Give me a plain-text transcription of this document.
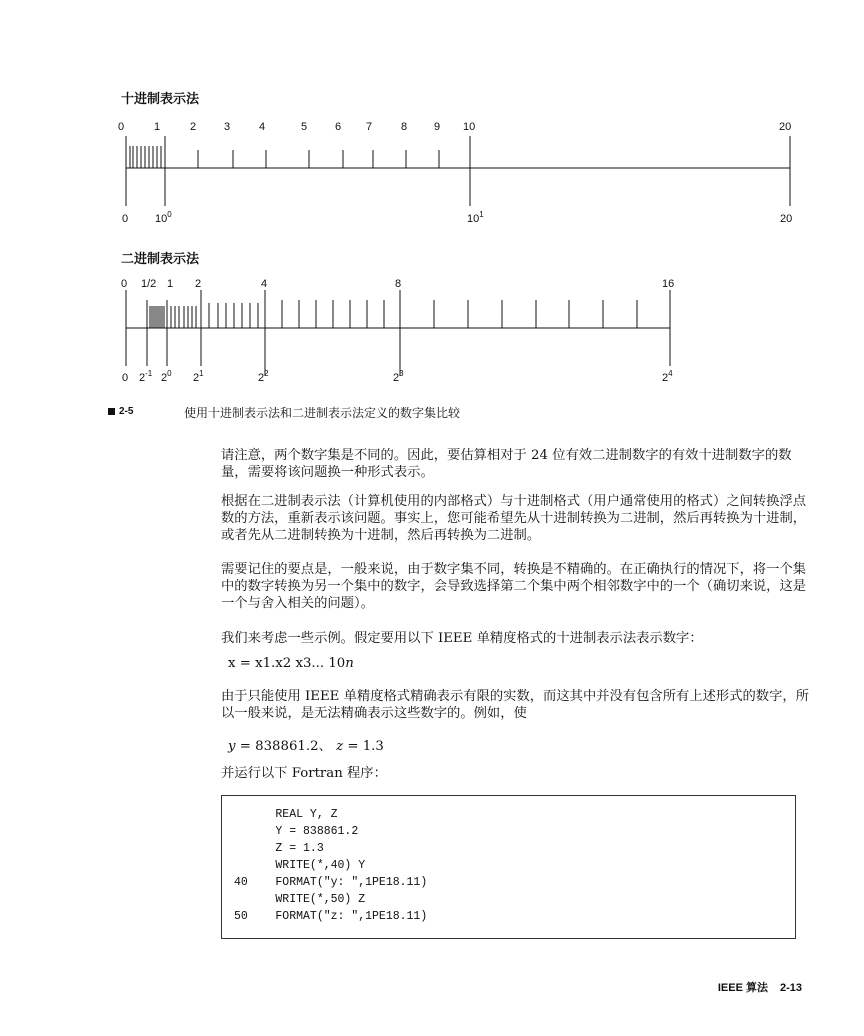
十进制表示法
0	1	2	3	4	5	6 7	8 9 10	20
0 $10^0$	$10^1$	20
0 1/2 1 2	4	8	16
0 $2^{-1}$ $2^0$ $2^1$	$2^2$	$2^3$	$2^4$
二进制表示法
2-5	使用十进制表示法和二进制表示法定义的数字集比较

请注意，两个数字集是不同的。因此，要估算相对于 24 位有效二进制数字的有效十进制数字的数量，需要将该问题换一种形式表示。

根据在二进制表示法（计算机使用的内部格式）与十进制格式（用户通常使用的格式）之间转换浮点数的方法，重新表示该问题。事实上，您可能希望先从十进制转换为二进制，然后再转换为十进制，或者先从二进制转换为十进制，然后再转换为二进制。

需要记住的要点是，一般来说，由于数字集不同，转换是不精确的。在正确执行的情况下，将一个集中的数字转换为另一个集中的数字，会导致选择第二个集中两个相邻数字中的一个（确切来说，这是一个与舍入相关的问题）。

我们来考虑一些示例。假定要用以下 IEEE 单精度格式的十进制表示法表示数字：

x = x1.x2 x3... 10n

由于只能使用 IEEE 单精度格式精确表示有限的实数，而这其中并没有包含所有上述形式的数字，所以一般来说，是无法精确表示这些数字的。例如，使

y = 838861.2、 z = 1.3

并运行以下 Fortran 程序：

REAL Y, Z
Y = 838861.2
Z = 1.3
WRITE(*,40) Y
40    FORMAT("y: ",1PE18.11)
WRITE(*,50) Z
50    FORMAT("z: ",1PE18.11)
IEEE 算法 2-13
